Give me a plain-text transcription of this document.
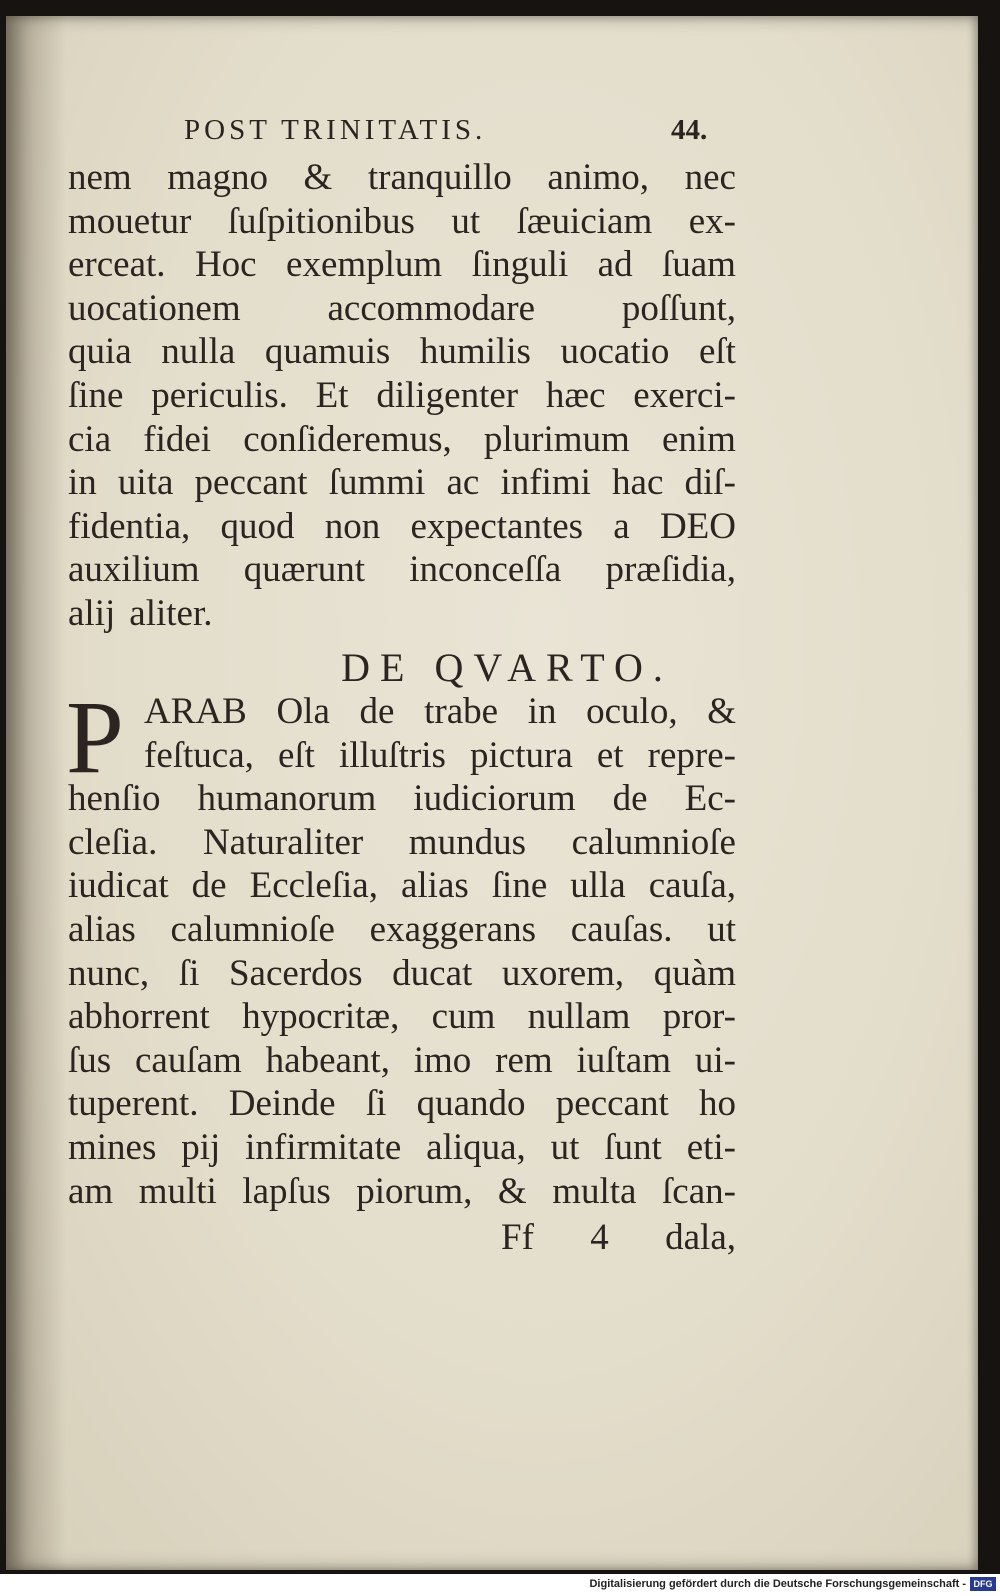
POST TRINITATIS.	44.
nem magno & tranquillo animo, nec
mouetur ſuſpitionibus ut ſæuiciam ex-
erceat. Hoc exemplum ſinguli ad ſuam
uocationem accommodare poſſunt,
quia nulla quamuis humilis uocatio eſt
ſine periculis. Et diligenter hæc exerci-
cia fidei conſideremus, plurimum enim
in uita peccant ſummi ac infimi hac diſ-
fidentia, quod non expectantes a DEO
auxilium quærunt inconceſſa præſidia,
alij aliter.
DE QVARTO.
P ARAB Ola de trabe in oculo, &
feſtuca, eſt illuſtris pictura et repre-
henſio humanorum iudiciorum de Ec-
cleſia. Naturaliter mundus calumnioſe
iudicat de Eccleſia, alias ſine ulla cauſa,
alias calumnioſe exaggerans cauſas. ut
nunc, ſi Sacerdos ducat uxorem, quàm
abhorrent hypocritæ, cum nullam pror-
ſus cauſam habeant, imo rem iuſtam ui-
tuperent. Deinde ſi quando peccant ho
mines pij infirmitate aliqua, ut ſunt eti-
am multi lapſus piorum, & multa ſcan-
Ff 4 dala,
Digitalisierung gefördert durch die Deutsche Forschungsgemeinschaft - DFG
